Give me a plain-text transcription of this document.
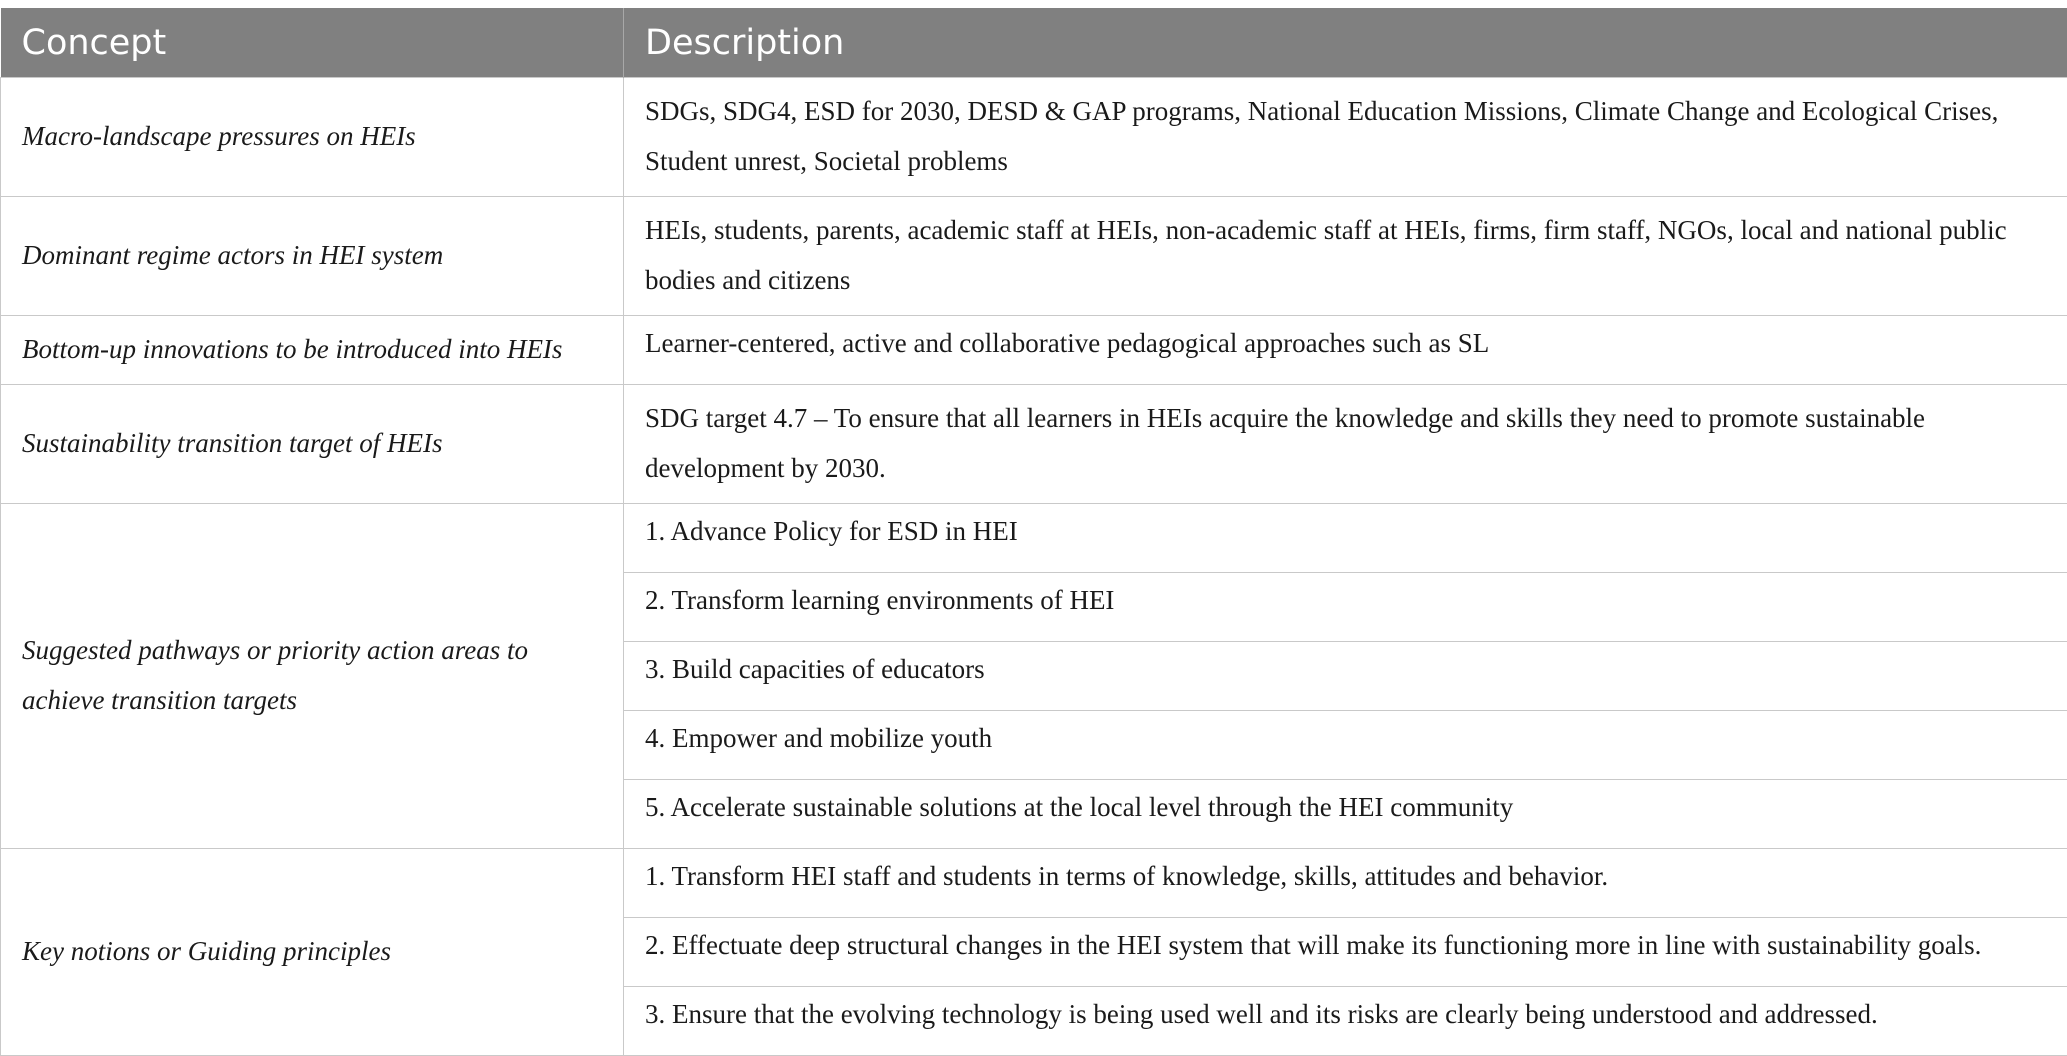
Concept	Description
Macro-landscape pressures on HEIs	SDGs, SDG4, ESD for 2030, DESD & GAP programs, National Education Missions, Climate Change and Ecological Crises, Student unrest, Societal problems
Dominant regime actors in HEI system	HEIs, students, parents, academic staff at HEIs, non-academic staff at HEIs, firms, firm staff, NGOs, local and national public bodies and citizens
Bottom-up innovations to be introduced into HEIs	Learner-centered, active and collaborative pedagogical approaches such as SL
Sustainability transition target of HEIs	SDG target 4.7 – To ensure that all learners in HEIs acquire the knowledge and skills they need to promote sustainable development by 2030.
Suggested pathways or priority action areas to achieve transition targets	1. Advance Policy for ESD in HEI
	2. Transform learning environments of HEI
	3. Build capacities of educators
	4. Empower and mobilize youth
	5. Accelerate sustainable solutions at the local level through the HEI community
Key notions or Guiding principles	1. Transform HEI staff and students in terms of knowledge, skills, attitudes and behavior.
	2. Effectuate deep structural changes in the HEI system that will make its functioning more in line with sustainability goals.
	3. Ensure that the evolving technology is being used well and its risks are clearly being understood and addressed.
